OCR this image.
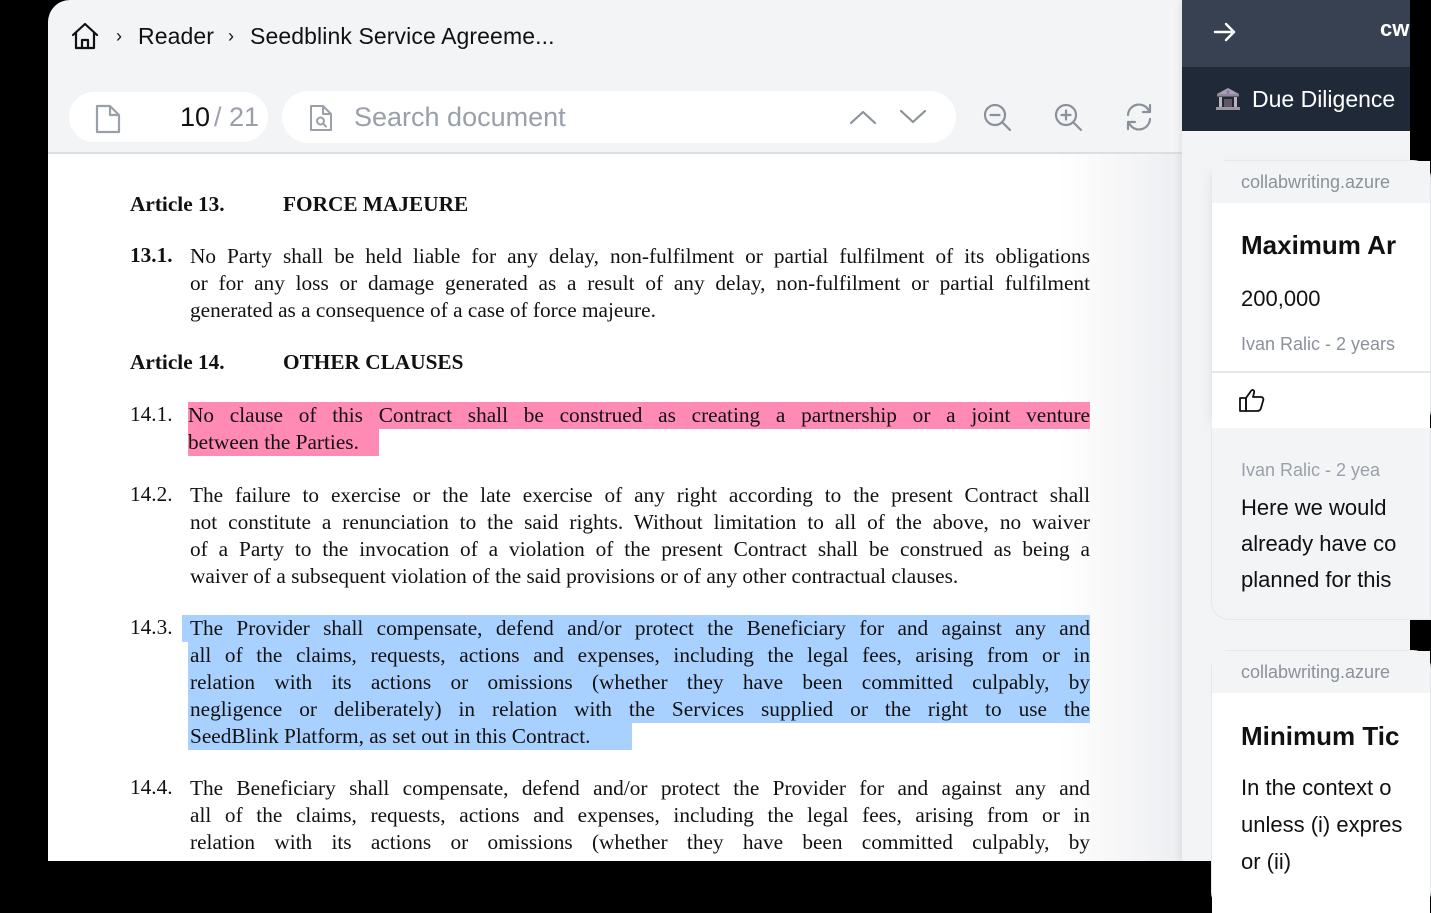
› Reader › Seedblink Service Agreeme...
10 / 21
Search document
Article 13.	FORCE MAJEURE
13.1. No Party shall be held liable for any delay, non-fulfilment or partial fulfilment of its obligations
or for any loss or damage generated as a result of any delay, non-fulfilment or partial fulfilment
generated as a consequence of a case of force majeure.
Article 14.	OTHER CLAUSES
14.1. No clause of this Contract shall be construed as creating a partnership or a joint venture
between the Parties.
14.2. The failure to exercise or the late exercise of any right according to the present Contract shall
not constitute a renunciation to the said rights. Without limitation to all of the above, no waiver
of a Party to the invocation of a violation of the present Contract shall be construed as being a
waiver of a subsequent violation of the said provisions or of any other contractual clauses.
14.3. The Provider shall compensate, defend and/or protect the Beneficiary for and against any and
all of the claims, requests, actions and expenses, including the legal fees, arising from or in
relation with its actions or omissions (whether they have been committed culpably, by
negligence or deliberately) in relation with the Services supplied or the right to use the
SeedBlink Platform, as set out in this Contract.
14.4. The Beneficiary shall compensate, defend and/or protect the Provider for and against any and
all of the claims, requests, actions and expenses, including the legal fees, arising from or in
relation with its actions or omissions (whether they have been committed culpably, by
cw
Due Diligence
collabwriting.azure
Maximum Ar
200,000
Ivan Ralic - 2 years
Ivan Ralic - 2 yea
Here we would
already have co
planned for this
collabwriting.azure
Minimum Tic
In the context o
unless (i) expres
or (ii)
